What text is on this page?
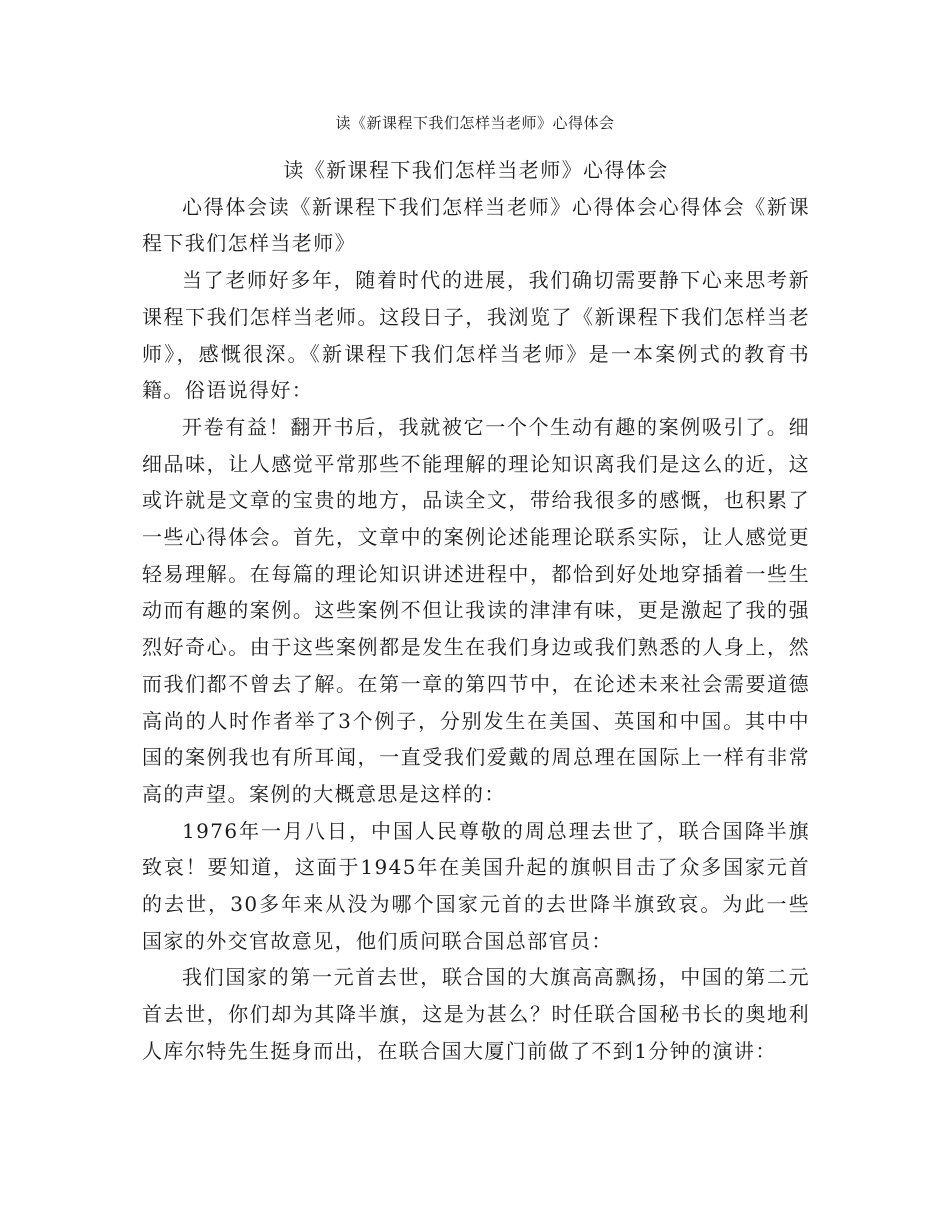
读《新课程下我们怎样当老师》心得体会

读《新课程下我们怎样当老师》心得体会

心得体会读《新课程下我们怎样当老师》心得体会心得体会《新课程下我们怎样当老师》

当了老师好多年，随着时代的进展，我们确切需要静下心来思考新课程下我们怎样当老师。这段日子，我浏览了《新课程下我们怎样当老师》，感慨很深。《新课程下我们怎样当老师》是一本案例式的教育书籍。俗语说得好：

开卷有益！翻开书后，我就被它一个个生动有趣的案例吸引了。细细品味，让人感觉平常那些不能理解的理论知识离我们是这么的近，这或许就是文章的宝贵的地方，品读全文，带给我很多的感慨，也积累了一些心得体会。首先，文章中的案例论述能理论联系实际，让人感觉更轻易理解。在每篇的理论知识讲述进程中，都恰到好处地穿插着一些生动而有趣的案例。这些案例不但让我读的津津有味，更是激起了我的强烈好奇心。由于这些案例都是发生在我们身边或我们熟悉的人身上，然而我们都不曾去了解。在第一章的第四节中，在论述未来社会需要道德高尚的人时作者举了3个例子，分别发生在美国、英国和中国。其中中国的案例我也有所耳闻，一直受我们爱戴的周总理在国际上一样有非常高的声望。案例的大概意思是这样的：

1976年一月八日，中国人民尊敬的周总理去世了，联合国降半旗致哀！要知道，这面于1945年在美国升起的旗帜目击了众多国家元首的去世，30多年来从没为哪个国家元首的去世降半旗致哀。为此一些国家的外交官故意见，他们质问联合国总部官员：

我们国家的第一元首去世，联合国的大旗高高飘扬，中国的第二元首去世，你们却为其降半旗，这是为甚么？时任联合国秘书长的奥地利人库尔特先生挺身而出，在联合国大厦门前做了不到1分钟的演讲：
